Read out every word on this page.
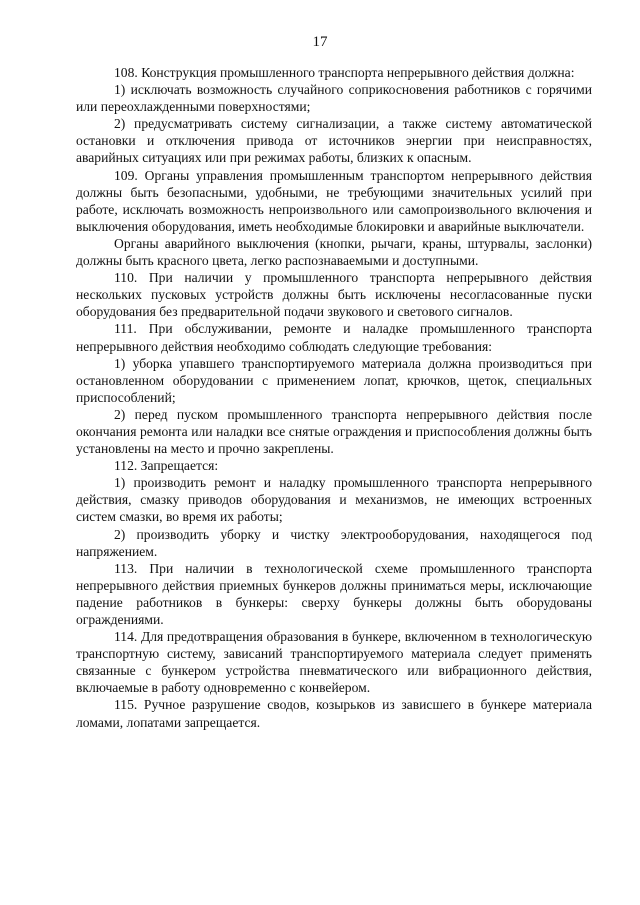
17

108. Конструкция промышленного транспорта непрерывного действия должна:

1) исключать возможность случайного соприкосновения работников с горячими или переохлажденными поверхностями;

2) предусматривать систему сигнализации, а также систему автоматической остановки и отключения привода от источников энергии при неисправностях, аварийных ситуациях или при режимах работы, близких к опасным.

109. Органы управления промышленным транспортом непрерывного действия должны быть безопасными, удобными, не требующими значительных усилий при работе, исключать возможность непроизвольного или самопроизвольного включения и выключения оборудования, иметь необходимые блокировки и аварийные выключатели.

Органы аварийного выключения (кнопки, рычаги, краны, штурвалы, заслонки) должны быть красного цвета, легко распознаваемыми и доступными.

110. При наличии у промышленного транспорта непрерывного действия нескольких пусковых устройств должны быть исключены несогласованные пуски оборудования без предварительной подачи звукового и светового сигналов.

111. При обслуживании, ремонте и наладке промышленного транспорта непрерывного действия необходимо соблюдать следующие требования:

1) уборка упавшего транспортируемого материала должна производиться при остановленном оборудовании с применением лопат, крючков, щеток, специальных приспособлений;

2) перед пуском промышленного транспорта непрерывного действия после окончания ремонта или наладки все снятые ограждения и приспособления должны быть установлены на место и прочно закреплены.

112. Запрещается:

1) производить ремонт и наладку промышленного транспорта непрерывного действия, смазку приводов оборудования и механизмов, не имеющих встроенных систем смазки, во время их работы;

2) производить уборку и чистку электрооборудования, находящегося под напряжением.

113. При наличии в технологической схеме промышленного транспорта непрерывного действия приемных бункеров должны приниматься меры, исключающие падение работников в бункеры: сверху бункеры должны быть оборудованы ограждениями.

114. Для предотвращения образования в бункере, включенном в технологическую транспортную систему, зависаний транспортируемого материала следует применять связанные с бункером устройства пневматического или вибрационного действия, включаемые в работу одновременно с конвейером.

115. Ручное разрушение сводов, козырьков из зависшего в бункере материала ломами, лопатами запрещается.
